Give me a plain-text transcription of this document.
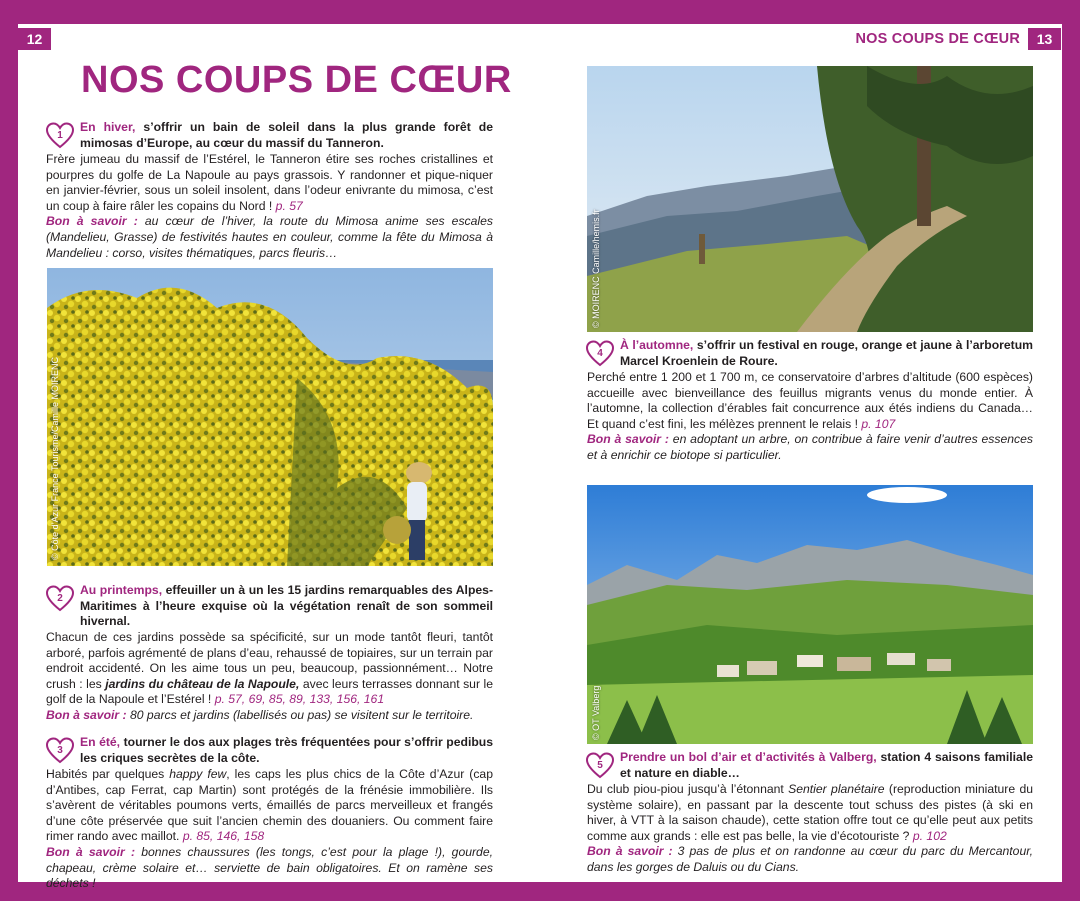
12	13
NOS COUPS DE CŒUR
NOS COUPS DE CŒUR
1

En hiver, s’offrir un bain de soleil dans la plus grande forêt de mimosas d’Europe, au cœur du massif du Tanneron.

Frère jumeau du massif de l’Estérel, le Tanneron étire ses roches cristallines et pourpres du golfe de La Napoule au pays grassois. Y randonner et pique-niquer en janvier-février, sous un soleil insolent, dans l’odeur enivrante du mimosa, c’est un coup à faire râler les copains du Nord ! p. 57

Bon à savoir : au cœur de l’hiver, la route du Mimosa anime ses escales (Mandelieu, Grasse) de festivités hautes en couleur, comme la fête du Mimosa à Mandelieu : corso, visites thématiques, parcs fleuris…

© Côte d’Azur France Tourisme/Camille MOIRENC
2

Au printemps, effeuiller un à un les 15 jardins remarquables des Alpes-Maritimes à l’heure exquise où la végétation renaît de son sommeil hivernal.

Chacun de ces jardins possède sa spécificité, sur un mode tantôt fleuri, tantôt arboré, parfois agrémenté de plans d’eau, rehaussé de topiaires, sur un terrain par endroit accidenté. On les aime tous un peu, beaucoup, passionnément… Notre crush : les jardins du château de la Napoule, avec leurs terrasses donnant sur le golf de la Napoule et l’Estérel ! p. 57, 69, 85, 89, 133, 156, 161

Bon à savoir : 80 parcs et jardins (labellisés ou pas) se visitent sur le territoire.

3

En été, tourner le dos aux plages très fréquentées pour s’offrir pedibus les criques secrètes de la côte.

Habités par quelques happy few, les caps les plus chics de la Côte d’Azur (cap d’Antibes, cap Ferrat, cap Martin) sont protégés de la frénésie immobilière. Ils s’avèrent de véritables poumons verts, émaillés de parcs merveilleux et frangés d’une côte préservée que suit l’ancien chemin des douaniers. Ou comment faire rimer rando avec maillot. p. 85, 146, 158

Bon à savoir : bonnes chaussures (les tongs, c’est pour la plage !), gourde, chapeau, crème solaire et… serviette de bain obligatoires. Et on ramène ses déchets !

© MOIRENC Camille/hemis.fr
4

À l’automne, s’offrir un festival en rouge, orange et jaune à l’arboretum Marcel Kroenlein de Roure.

Perché entre 1 200 et 1 700 m, ce conservatoire d’arbres d’altitude (600 espèces) accueille avec bienveillance des feuillus migrants venus du monde entier. À l’automne, la collection d’érables fait concurrence aux étés indiens du Canada… Et quand c’est fini, les mélèzes prennent le relais ! p. 107

Bon à savoir : en adoptant un arbre, on contribue à faire venir d’autres essences et à enrichir ce biotope si particulier.

© OT Valberg
5

Prendre un bol d’air et d’activités à Valberg, station 4 saisons familiale et nature en diable…

Du club piou-piou jusqu’à l’étonnant Sentier planétaire (reproduction miniature du système solaire), en passant par la descente tout schuss des pistes (à ski en hiver, à VTT à la saison chaude), cette station offre tout ce qu’elle peut aux petits comme aux grands : elle est pas belle, la vie d’écotouriste ? p. 102

Bon à savoir : 3 pas de plus et on randonne au cœur du parc du Mercantour, dans les gorges de Daluis ou du Cians.
